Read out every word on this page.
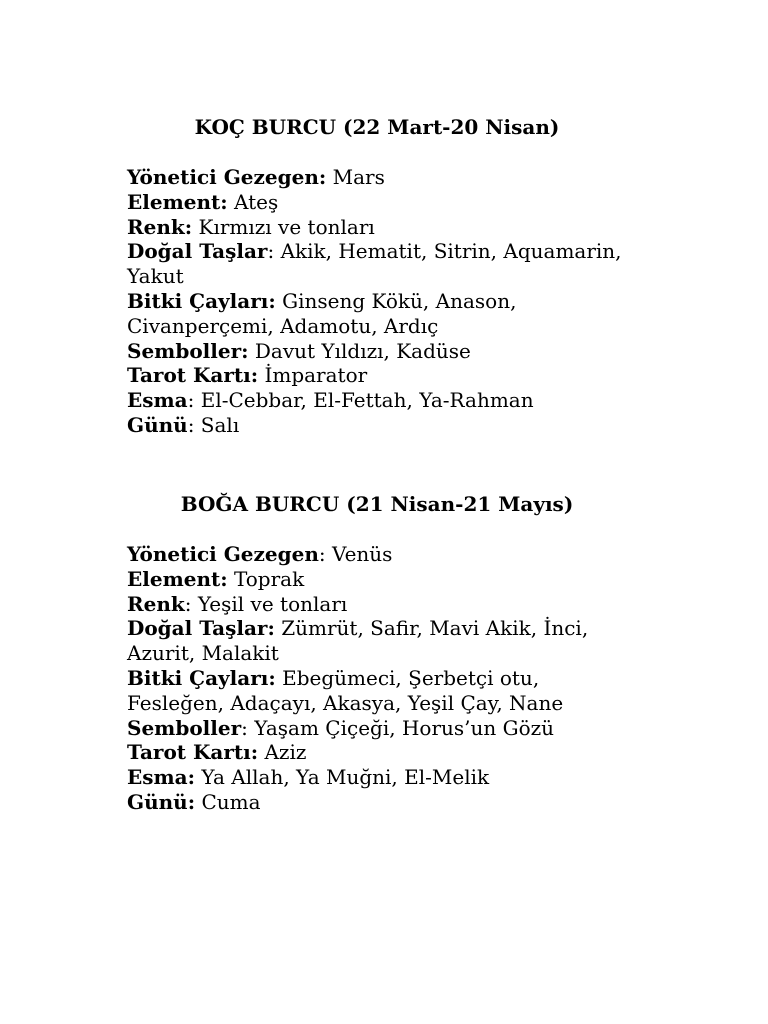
KOÇ BURCU (22 Mart-20 Nisan)
Yönetici Gezegen: Mars
Element: Ateş
Renk: Kırmızı ve tonları
Doğal Taşlar: Akik, Hematit, Sitrin, Aquamarin,
Yakut
Bitki Çayları: Ginseng Kökü, Anason,
Civanperçemi, Adamotu, Ardıç
Semboller: Davut Yıldızı, Kadüse
Tarot Kartı: İmparator
Esma: El-Cebbar, El-Fettah, Ya-Rahman
Günü: Salı
BOĞA BURCU (21 Nisan-21 Mayıs)
Yönetici Gezegen: Venüs
Element: Toprak
Renk: Yeşil ve tonları
Doğal Taşlar: Zümrüt, Safir, Mavi Akik, İnci,
Azurit, Malakit
Bitki Çayları: Ebegümeci, Şerbetçi otu,
Fesleğen, Adaçayı, Akasya, Yeşil Çay, Nane
Semboller: Yaşam Çiçeği, Horus’un Gözü
Tarot Kartı: Aziz
Esma: Ya Allah, Ya Muğni, El-Melik
Günü: Cuma
